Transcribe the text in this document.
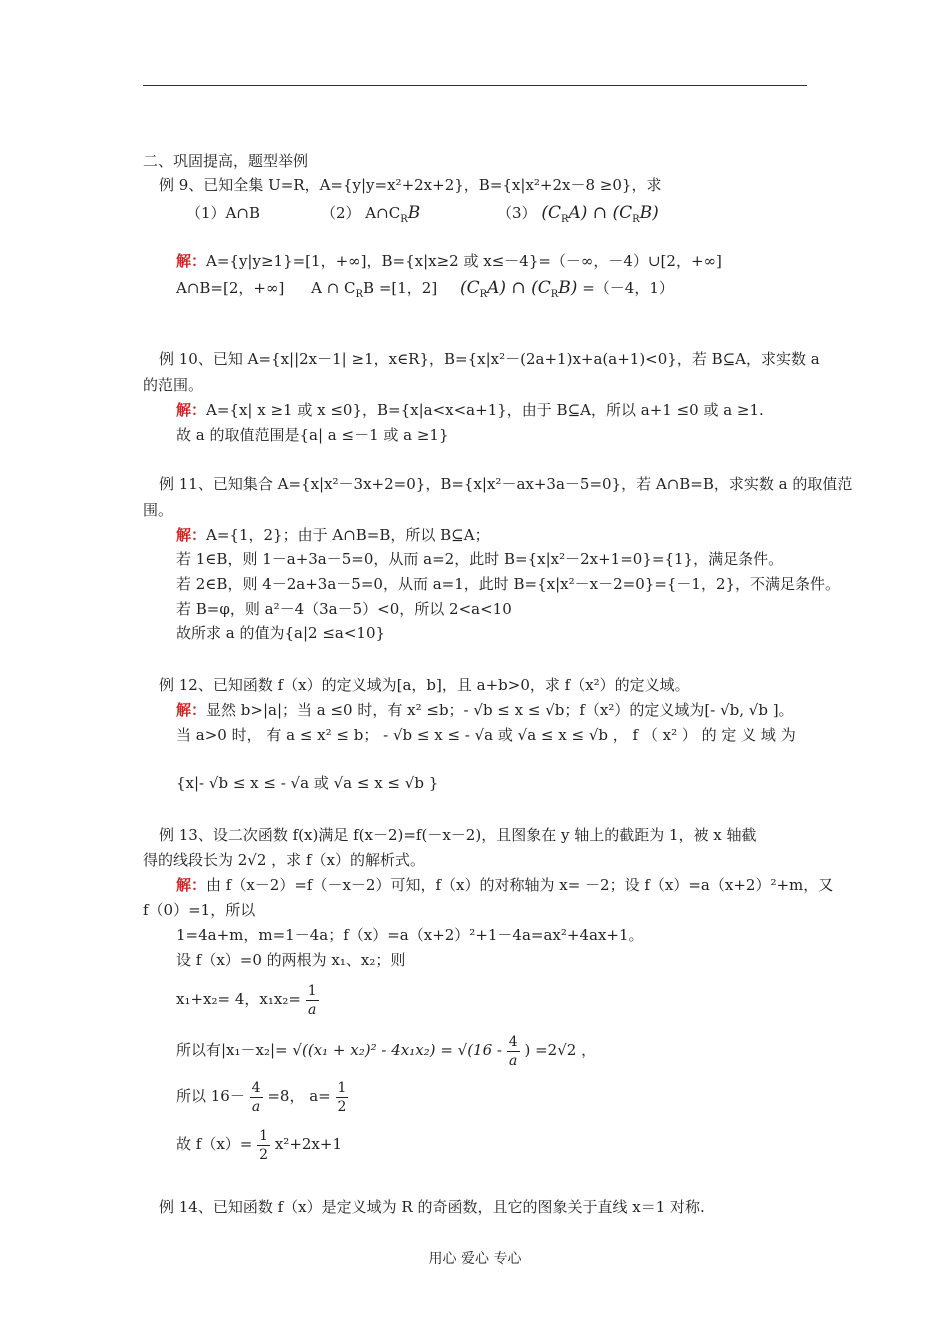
二、巩固提高，题型举例
例 9、已知全集 U=R，A={y|y=x²+2x+2}，B={x|x²+2x－8 ≥0}，求
（1）A∩B	（2） $A\cap C_RB$	（3） $(C_RA)$ ∩ $(C_RB)$
解：A={y|y≥1}=[1，+∞]，B={x|x≥2 或 x≤－4}=（－∞，－4）∪[2，+∞]
A∩B=[2，+∞] A ∩ $C_RB =[1$，2] $(C_RA)$ ∩ $(C_RB) =(-4$，1）
例 10、已知 A={x||2x－1| ≥1，x∈R}，B={x|x²－(2a+1)x+a(a+1)<0}，若 B⊆A，求实数 a
的范围。
解：A={x| x ≥1 或 x ≤0}，B={x|a<x<a+1}，由于 B⊆A，所以 a+1 ≤0 或 a ≥1.
故 a 的取值范围是{a| a ≤－1 或 a ≥1}
例 11、已知集合 A={x|x²－3x+2=0}，B={x|x²－ax+3a－5=0}，若 A∩B=B，求实数 a 的取值范
围。
解：A={1，2}；由于 A∩B=B，所以 B⊆A；
若 1∈B，则 1－a+3a－5=0，从而 a=2，此时 B={x|x²－2x+1=0}={1}，满足条件。
若 2∈B，则 4－2a+3a－5=0，从而 a=1，此时 B={x|x²－x－2=0}={－1，2}，不满足条件。
若 B=φ，则 a²－4（3a－5）<0，所以 2<a<10
故所求 a 的值为{a|2 ≤a<10}
例 12、已知函数 f（x）的定义域为[a，b]，且 a+b>0，求 f（x²）的定义域。
解：显然 b>|a|；当 a ≤0 时，有 x² ≤b；- √b ≤ x ≤ √b；f（x²）的定义域为[- √b, √b ]。
当 a>0 时， 有 a ≤ x² ≤ b； - √b ≤ x ≤ - √a 或 √a ≤ x ≤ √b ， f （ x² ） 的 定 义 域 为
{x|- √b ≤ x ≤ - √a 或 √a ≤ x ≤ √b }
例 13、设二次函数 f(x)满足 f(x－2)=f(－x－2)，且图象在 y 轴上的截距为 1，被 x 轴截
得的线段长为 2√2 ，求 f（x）的解析式。
解：由 f（x－2）=f（－x－2）可知，f（x）的对称轴为 x= －2；设 f（x）=a（x+2）²+m，又
f（0）=1，所以
1=4a+m，m=1－4a；f（x）=a（x+2）²+1－4a=ax²+4ax+1。
设 f（x）=0 的两根为 x₁、x₂；则
x₁+x₂= 4，$x_1x_2= \frac{1}{a}$
所以有$|x_1-x_2|= √((x_1 + x_2)^2 - 4x_1x_2) = √(16 - \frac{4}{a}$ ) =2√2 ，
所以 $16- \frac{4}{a} =8$， $a= \frac{1}{2}$
故 $f(x)= \frac{1}{2} x^2+2x+1$
例 14、已知函数 f（x）是定义域为 R 的奇函数，且它的图象关于直线 x＝1 对称.
用心 爱心 专心
